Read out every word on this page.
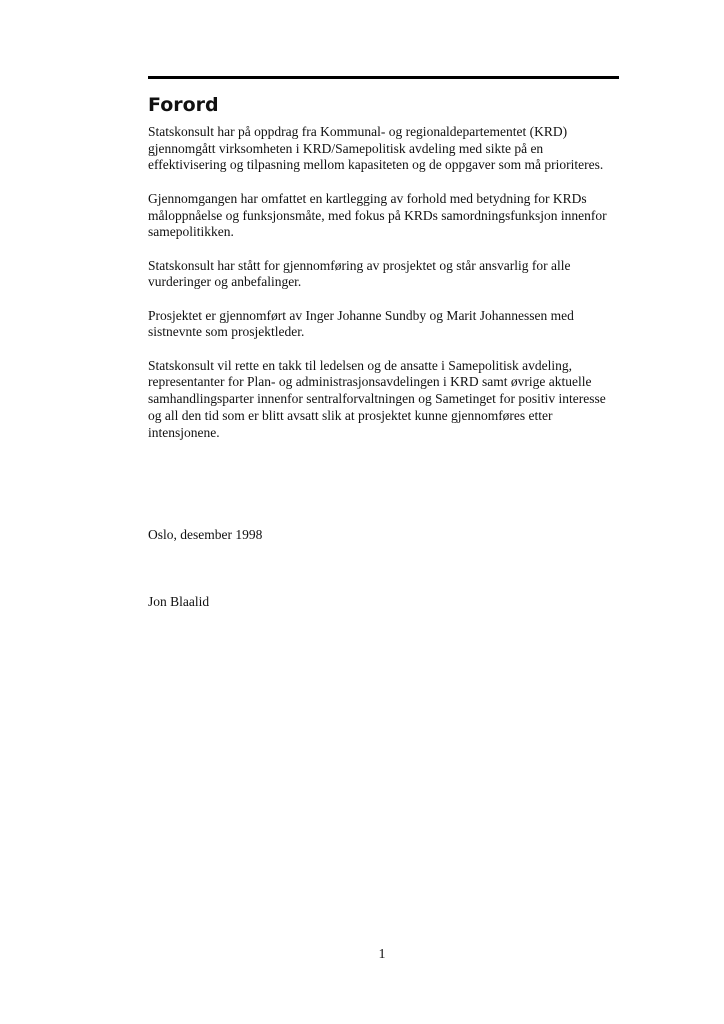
Forord

Statskonsult har på oppdrag fra Kommunal- og regionaldepartementet (KRD) gjennomgått virksomheten i KRD/Samepolitisk avdeling med sikte på en effektivisering og tilpasning mellom kapasiteten og de oppgaver som må prioriteres.

Gjennomgangen har omfattet en kartlegging av forhold med betydning for KRDs måloppnåelse og funksjonsmåte, med fokus på KRDs samordningsfunksjon innenfor samepolitikken.

Statskonsult har stått for gjennomføring av prosjektet og står ansvarlig for alle vurderinger og anbefalinger.

Prosjektet er gjennomført av Inger Johanne Sundby og Marit Johannessen med sistnevnte som prosjektleder.

Statskonsult vil rette en takk til ledelsen og de ansatte i Samepolitisk avdeling, representanter for Plan- og administrasjonsavdelingen i KRD samt øvrige aktuelle samhandlingsparter innenfor sentralforvaltningen og Sametinget for positiv interesse og all den tid som er blitt avsatt slik at prosjektet kunne gjennomføres etter intensjonene.

Oslo, desember 1998

Jon Blaalid

1
